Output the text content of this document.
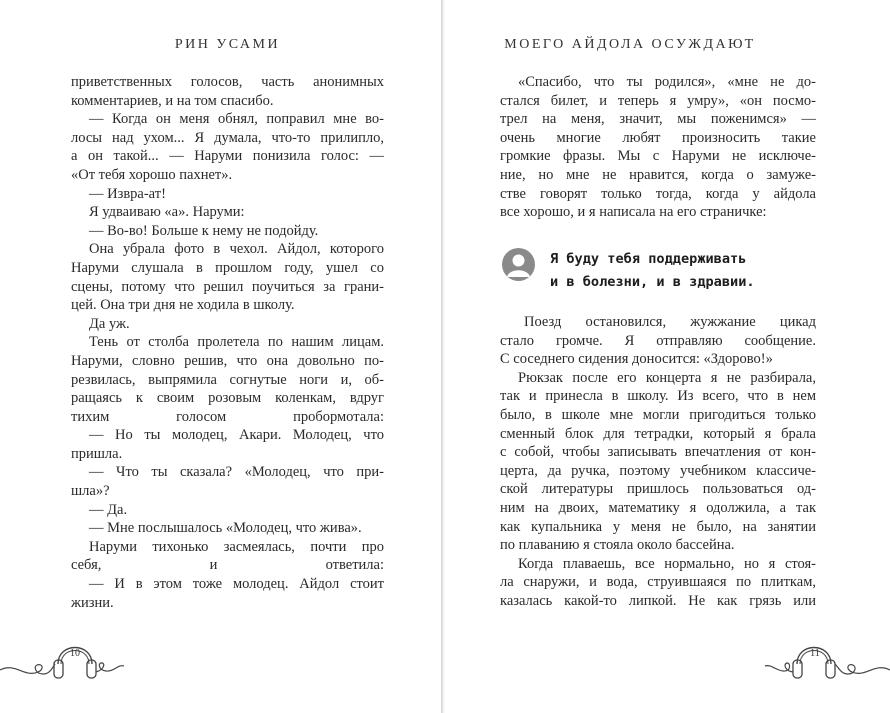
РИН УСАМИ
приветственных голосов, часть анонимных
комментариев, и на том спасибо.
— Когда он меня обнял, поправил мне во-
лосы над ухом... Я думала, что-то прилипло,
а он такой... — Наруми понизила голос: —
«От тебя хорошо пахнет».
— Извра-ат!
Я удваиваю «а». Наруми:
— Во-во! Больше к нему не подойду.
Она убрала фото в чехол. Айдол, которого
Наруми слушала в прошлом году, ушел со
сцены, потому что решил поучиться за грани-
цей. Она три дня не ходила в школу.
Да уж.
Тень от столба пролетела по нашим лицам.
Наруми, словно решив, что она довольно по-
резвилась, выпрямила согнутые ноги и, об-
ращаясь к своим розовым коленкам, вдруг
тихим голосом пробормотала:
— Но ты молодец, Акари. Молодец, что
пришла.
— Что ты сказала? «Молодец, что при-
шла»?
— Да.
— Мне послышалось «Молодец, что жива».
Наруми тихонько засмеялась, почти про
себя, и ответила:
— И в этом тоже молодец. Айдол стоит
жизни.
10
МОЕГО АЙДОЛА ОСУЖДАЮТ
«Спасибо, что ты родился», «мне не до-
стался билет, и теперь я умру», «он посмо-
трел на меня, значит, мы поженимся» —
очень многие любят произносить такие
громкие фразы. Мы с Наруми не исключе-
ние, но мне не нравится, когда о замуже-
стве говорят только тогда, когда у айдола
все хорошо, и я написала на его страничке:
Я буду тебя поддерживать
и в болезни, и в здравии.
Поезд остановился, жужжание цикад
стало громче. Я отправляю сообщение.
С соседнего сидения доносится: «Здорово!»
Рюкзак после его концерта я не разбирала,
так и принесла в школу. Из всего, что в нем
было, в школе мне могли пригодиться только
сменный блок для тетрадки, который я брала
с собой, чтобы записывать впечатления от кон-
церта, да ручка, поэтому учебником классиче-
ской литературы пришлось пользоваться од-
ним на двоих, математику я одолжила, а так
как купальника у меня не было, на занятии
по плаванию я стояла около бассейна.
Когда плаваешь, все нормально, но я стоя-
ла снаружи, и вода, струившаяся по плиткам,
казалась какой-то липкой. Не как грязь или
11
